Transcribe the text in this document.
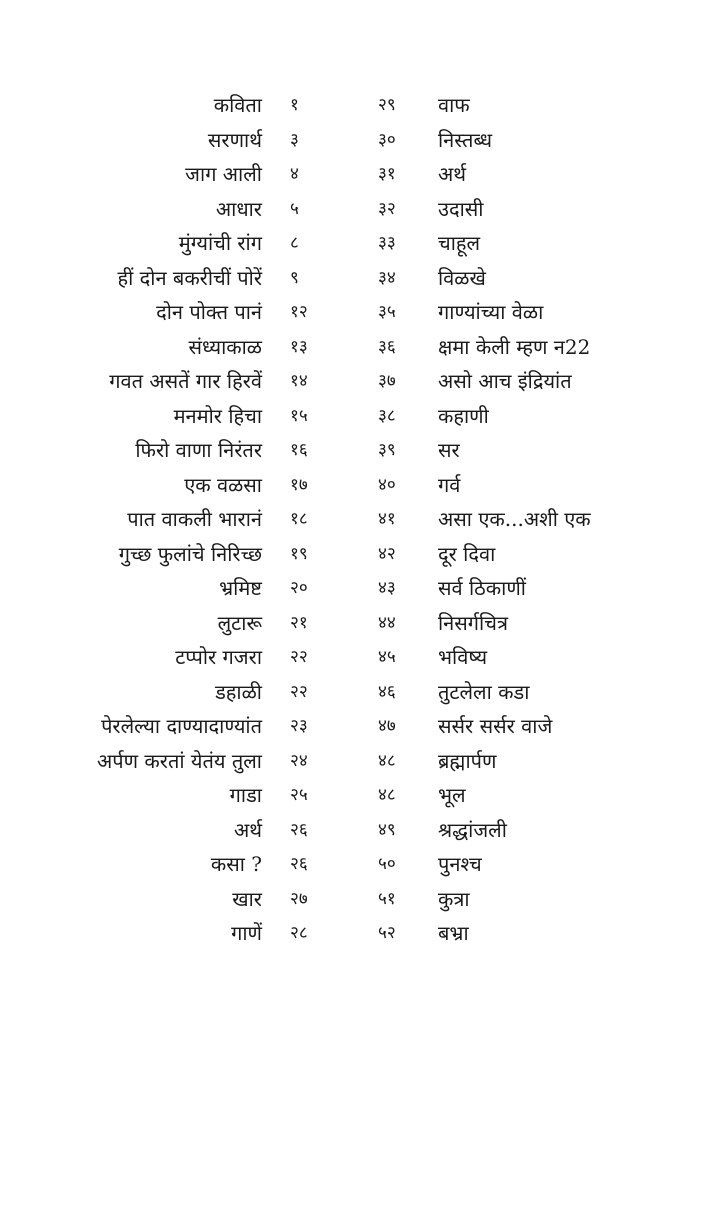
कविता १	२९ वाफ
सरणार्थ ३	३० निस्तब्ध
जाग आली ४	३१ अर्थ
आधार ५	३२ उदासी
मुंग्यांची रांग ८	३३ चाहूल
हीं दोन बकरीचीं पोरें ९	३४ विळखे
दोन पोक्त पानं १२	३५ गाण्यांच्या वेळा
संध्याकाळ १३	३६ क्षमा केली म्हण न22
गवत असतें गार हिरवें १४	३७ असो आच इंद्रियांत
मनमोर हिचा १५	३८ कहाणी
फिरो वाणा निरंतर १६	३९ सर
एक वळसा १७	४० गर्व
पात वाकली भारानं १८	४१ असा एक...अशी एक
गुच्छ फुलांचे निरिच्छ १९	४२ दूर दिवा
भ्रमिष्ट २०	४३ सर्व ठिकाणीं
लुटारू २१	४४ निसर्गचित्र
टप्पोर गजरा २२	४५ भविष्य
डहाळी २२	४६ तुटलेला कडा
पेरलेल्या दाण्यादाण्यांत २३	४७ सर्सर सर्सर वाजे
अर्पण करतां येतंय तुला २४	४८ ब्रह्मार्पण
गाडा २५	४८ भूल
अर्थ २६	४९ श्रद्धांजली
कसा ? २६	५० पुनश्च
खार २७	५१ कुत्रा
गाणें २८	५२ बभ्रा
